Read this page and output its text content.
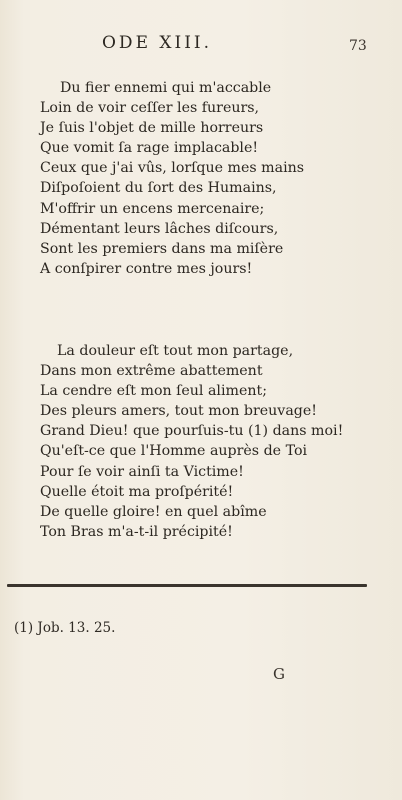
ODE XIII.	73
Du fier ennemi qui m'accable
Loin de voir ceſſer les fureurs,
Je ſuis l'objet de mille horreurs
Que vomit ſa rage implacable!
Ceux que j'ai vûs, lorſque mes mains
Diſpoſoient du ſort des Humains,
M'offrir un encens mercenaire;
Démentant leurs lâches diſcours,
Sont les premiers dans ma miſère
A conſpirer contre mes jours!
La douleur eſt tout mon partage,
Dans mon extrême abattement
La cendre eſt mon ſeul aliment;
Des pleurs amers, tout mon breuvage!
Grand Dieu! que pourſuis-tu (1) dans moi!
Qu'eſt-ce que l'Homme auprès de Toi
Pour ſe voir ainſi ta Victime!
Quelle étoit ma proſpérité!
De quelle gloire! en quel abîme
Ton Bras m'a-t-il précipité!
(1) Job. 13. 25.
G
